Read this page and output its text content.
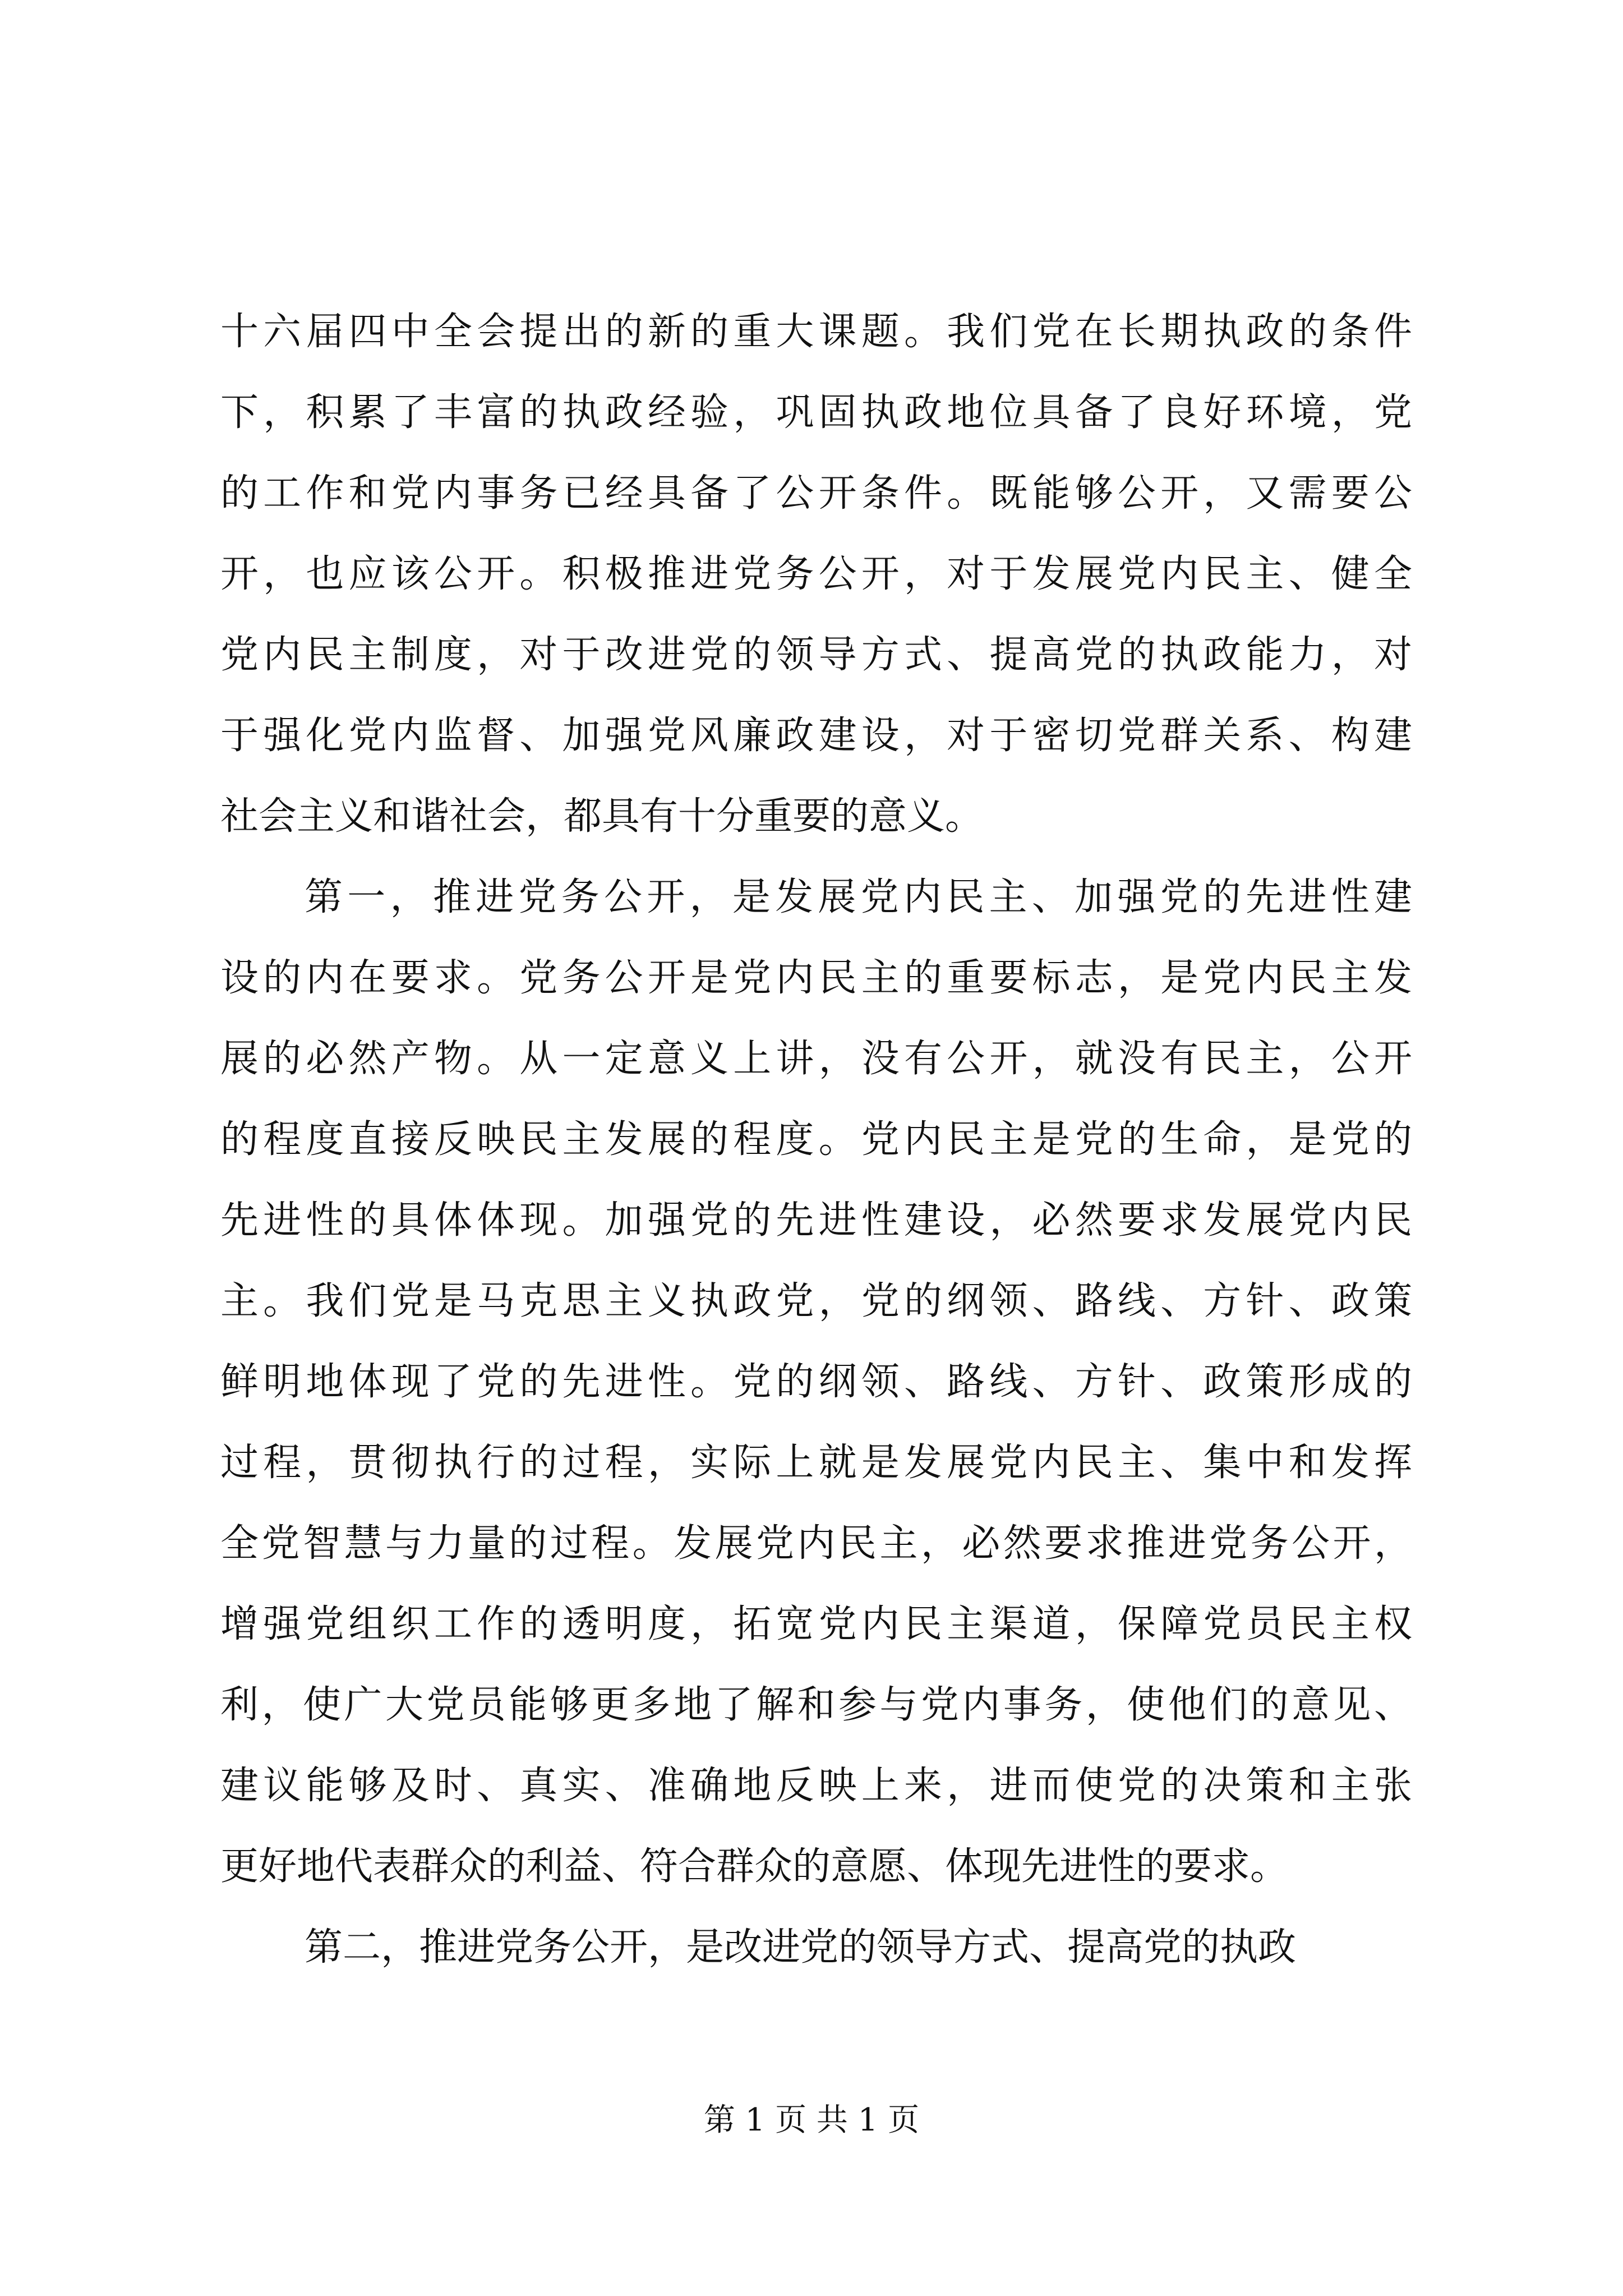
十六届四中全会提出的新的重大课题。我们党在长期执政的条件
下，积累了丰富的执政经验，巩固执政地位具备了良好环境，党
的工作和党内事务已经具备了公开条件。既能够公开，又需要公
开，也应该公开。积极推进党务公开，对于发展党内民主、健全
党内民主制度，对于改进党的领导方式、提高党的执政能力，对
于强化党内监督、加强党风廉政建设，对于密切党群关系、构建
社会主义和谐社会，都具有十分重要的意义。
第一，推进党务公开，是发展党内民主、加强党的先进性建
设的内在要求。党务公开是党内民主的重要标志，是党内民主发
展的必然产物。从一定意义上讲，没有公开，就没有民主，公开
的程度直接反映民主发展的程度。党内民主是党的生命，是党的
先进性的具体体现。加强党的先进性建设，必然要求发展党内民
主。我们党是马克思主义执政党，党的纲领、路线、方针、政策
鲜明地体现了党的先进性。党的纲领、路线、方针、政策形成的
过程，贯彻执行的过程，实际上就是发展党内民主、集中和发挥
全党智慧与力量的过程。发展党内民主，必然要求推进党务公开，
增强党组织工作的透明度，拓宽党内民主渠道，保障党员民主权
利，使广大党员能够更多地了解和参与党内事务，使他们的意见、
建议能够及时、真实、准确地反映上来，进而使党的决策和主张
更好地代表群众的利益、符合群众的意愿、体现先进性的要求。
第二，推进党务公开，是改进党的领导方式、提高党的执政
第 1 页 共 1 页
